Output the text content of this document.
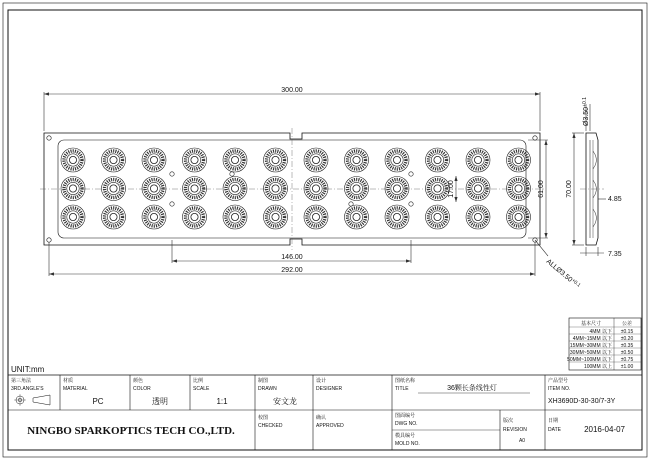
300.00
146.00
292.00
17.00	61.00
$ALLØ3.50^{+0.1}$
$Ø3.50^{+0.1}$
70.00
4.85
7.35
基本尺寸	公差
4MM 以下 ±0.15
4MM~15MM 以下 ±0.20
15MM~30MM 以下 ±0.35
30MM~50MM 以下 ±0.50
50MM~100MM 以下 ±0.75
100MM 以上 ±1.00
UNIT:mm
第三角法
3RD.ANGLE'S
材质
MATERIAL
PC
颜色
COLOR
透明
比例
SCALE
1:1
制图
DRAWN
安文龙
设计
DESIGNER
图纸名称
TITLE	36颗长条线性灯
产品型号
ITEM NO.
XH3690D-30-30/7-3Y
NINGBO SPARKOPTICS TECH CO.,LTD.
校图
CHECKED
确认
APPROVED
图面编号
DWG NO.
模具编号
MOLD NO.
版次
REVISION
A0
日期
DATE	2016-04-07
